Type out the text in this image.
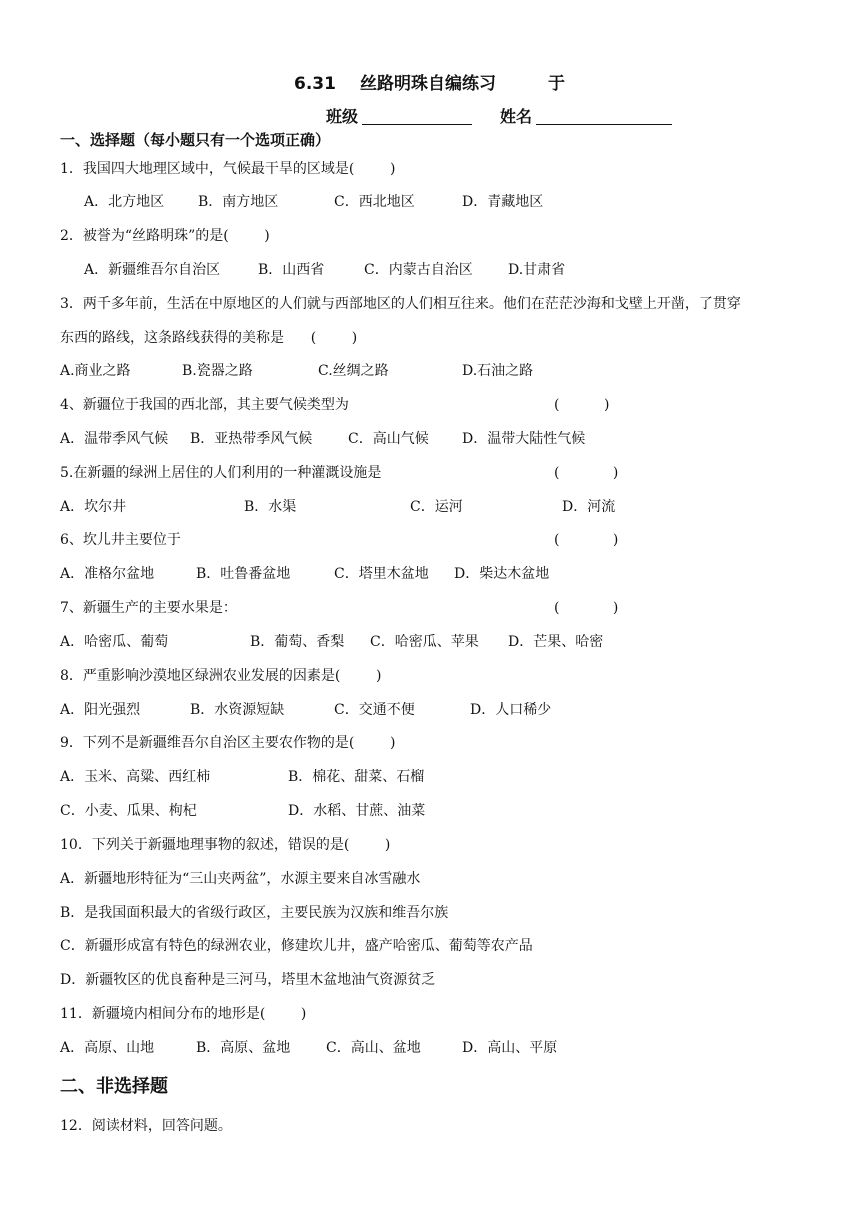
6.31 丝路明珠自编练习	于
班级	姓名
一、选择题（每小题只有一个选项正确）
1．我国四大地理区域中，气候最干旱的区域是(        )
A．北方地区 B．南方地区	C．西北地区	D．青藏地区
2．被誉为“丝路明珠”的是(        )
A．新疆维吾尔自治区	B．山西省	C．内蒙古自治区	D.甘肃省
3．两千多年前，生活在中原地区的人们就与西部地区的人们相互往来。他们在茫茫沙海和戈壁上开凿，了贯穿
东西的路线，这条路线获得的美称是      (        )
A.商业之路	B.瓷器之路	C.丝绸之路	D.石油之路
4、新疆位于我国的西北部，其主要气候类型为	(          )
A．温带季风气候 B．亚热带季风气候	C．高山气候 D．温带大陆性气候
5.在新疆的绿洲上居住的人们利用的一种灌溉设施是	(            )
A．坎尔井	B．水渠	C．运河	D．河流
6、坎儿井主要位于	(            )
A．准格尔盆地	B．吐鲁番盆地	C．塔里木盆地 D．柴达木盆地
7、新疆生产的主要水果是：	(            )
A．哈密瓜、葡萄	B．葡萄、香梨 C．哈密瓜、苹果 D．芒果、哈密
8．严重影响沙漠地区绿洲农业发展的因素是(        )
A．阳光强烈	B．水资源短缺	C．交通不便	D．人口稀少
9．下列不是新疆维吾尔自治区主要农作物的是(        )
A．玉米、高粱、西红柿	B．棉花、甜菜、石榴
C．小麦、瓜果、枸杞	D．水稻、甘蔗、油菜
10．下列关于新疆地理事物的叙述，错误的是(        )
A．新疆地形特征为“三山夹两盆”，水源主要来自冰雪融水
B．是我国面积最大的省级行政区，主要民族为汉族和维吾尔族
C．新疆形成富有特色的绿洲农业，修建坎儿井，盛产哈密瓜、葡萄等农产品
D．新疆牧区的优良畜种是三河马，塔里木盆地油气资源贫乏
11．新疆境内相间分布的地形是(        )
A．高原、山地	B．高原、盆地	C．高山、盆地	D．高山、平原
二、非选择题
12．阅读材料，回答问题。
